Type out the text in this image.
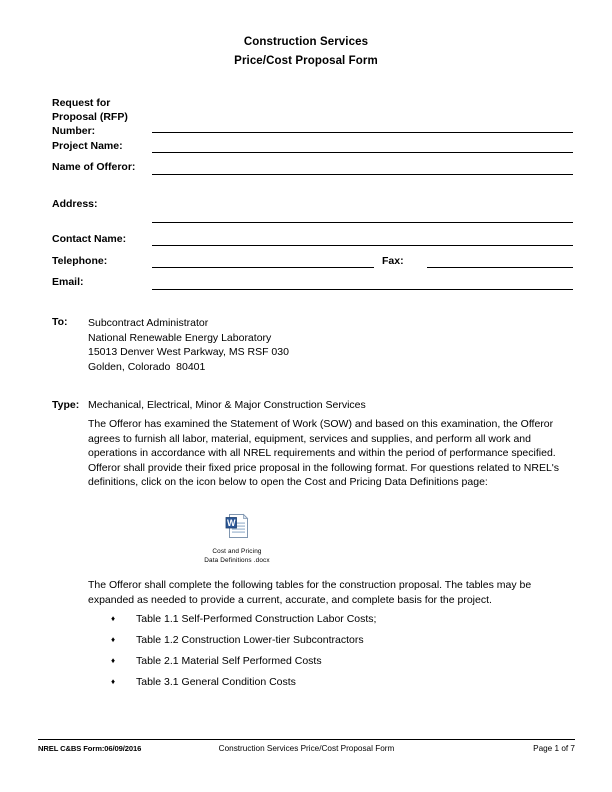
Construction Services
Price/Cost Proposal Form
Request for
Proposal (RFP)
Number:
Project Name:
Name of Offeror:
Address:
Contact Name:
Telephone:	Fax:
Email:
To: Subcontract Administrator
National Renewable Energy Laboratory
15013 Denver West Parkway, MS RSF 030
Golden, Colorado  80401
Type: Mechanical, Electrical, Minor & Major Construction Services
The Offeror has examined the Statement of Work (SOW) and based on this examination, the Offeror agrees to furnish all labor, material, equipment, services and supplies, and perform all work and operations in accordance with all NREL requirements and within the period of performance specified. Offeror shall provide their fixed price proposal in the following format. For questions related to NREL's definitions, click on the icon below to open the Cost and Pricing Data Definitions page:
W
Cost and Pricing
Data Definitions .docx
The Offeror shall complete the following tables for the construction proposal. The tables may be expanded as needed to provide a current, accurate, and complete basis for the project.
♦ Table 1.1 Self-Performed Construction Labor Costs;
♦ Table 1.2 Construction Lower-tier Subcontractors
♦ Table 2.1 Material Self Performed Costs
♦ Table 3.1 General Condition Costs
NREL C&BS Form:06/09/2016	Construction Services Price/Cost Proposal Form	Page 1 of 7
